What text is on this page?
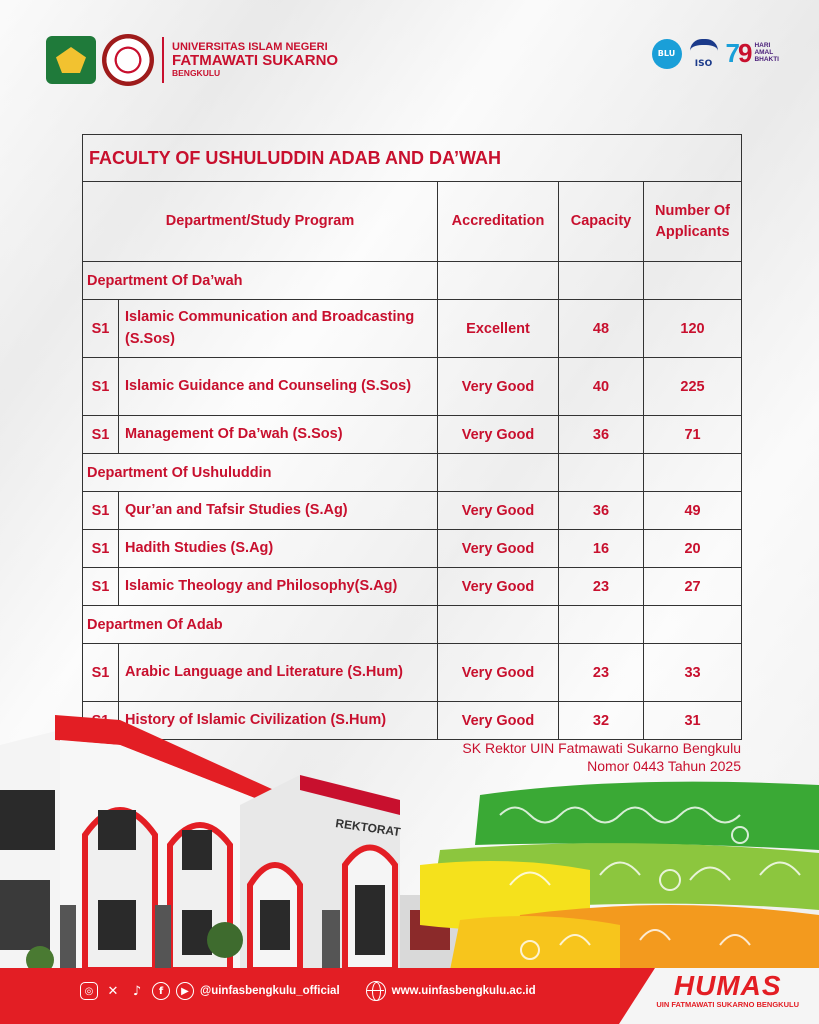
UNIVERSITAS ISLAM NEGERI
FATMAWATI SUKARNO
BENGKULU
BLU
ISO 79 HARI
AMAL
BHAKTI
FACULTY OF USHULUDDIN ADAB AND DA’WAH				
Department/Study Program		Accreditation	Capacity	Number Of
Applicants
Department Of Da’wah				
S1	Islamic Communication and Broadcasting (S.Sos)	Excellent	48	120
S1	Islamic Guidance and Counseling (S.Sos)	Very Good	40	225
S1	Management Of Da’wah (S.Sos)	Very Good	36	71
Department Of Ushuluddin				
S1	Qur’an and Tafsir Studies (S.Ag)	Very Good	36	49
S1	Hadith Studies (S.Ag)	Very Good	16	20
S1	Islamic Theology and Philosophy(S.Ag)	Very Good	23	27
Departmen Of Adab				
S1	Arabic Language and Literature (S.Hum)	Very Good	23	33
	History of Islamic Civilization (S.Hum)	Very Good	32	31
SK Rektor UIN Fatmawati Sukarno Bengkulu
Nomor 0443 Tahun 2025
REKTORAT
◎	✕	♪	f	▶ @uinfasbengkulu_official	www.uinfasbengkulu.ac.id	HUMAS
UIN FATMAWATI SUKARNO BENGKULU
